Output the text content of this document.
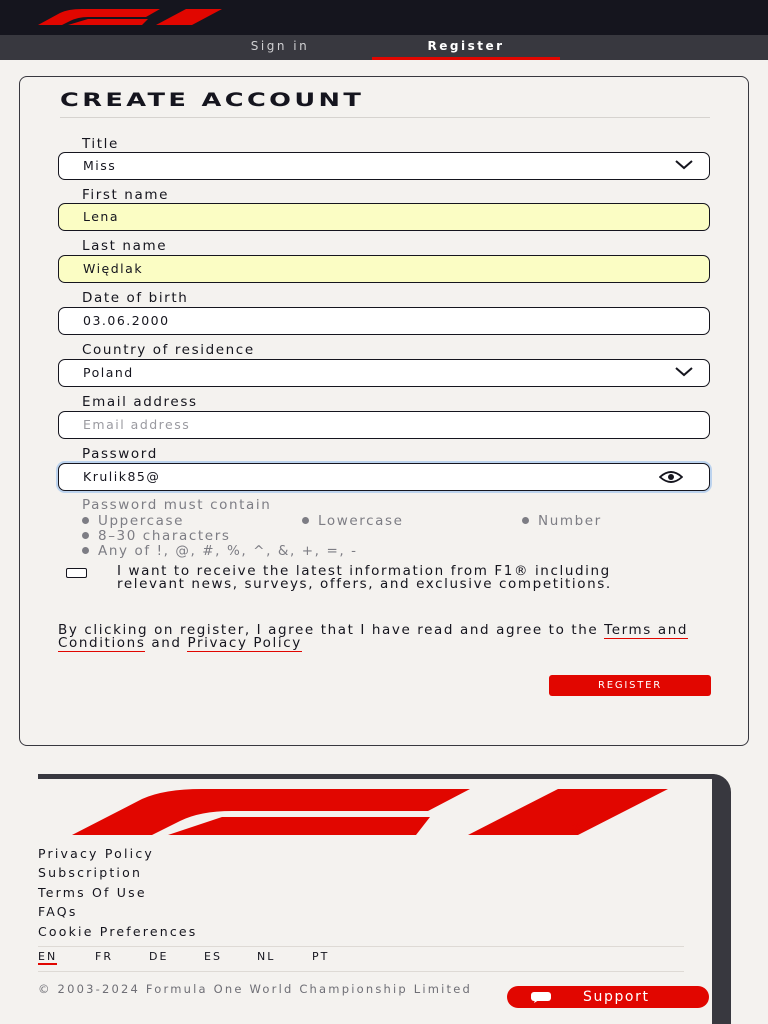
Sign in	Register
CREATE ACCOUNT
Title
Miss
First name
Lena
Last name
Więdlak
Date of birth
03.06.2000
Country of residence
Poland
Email address
Email address
Password
Krulik85@
Password must contain
Uppercase	Lowercase	Number
8–30 characters
Any of !, @, #, %, ^, &, +, =, -
I want to receive the latest information from F1® including relevant news, surveys, offers, and exclusive competitions.
By clicking on register, I agree that I have read and agree to the Terms and Conditions and Privacy Policy
REGISTER
®
Privacy Policy
Subscription
Terms Of Use
FAQs
Cookie Preferences
EN	FR	DE	ES	NL	PT
© 2003-2024 Formula One World Championship Limited	Support
